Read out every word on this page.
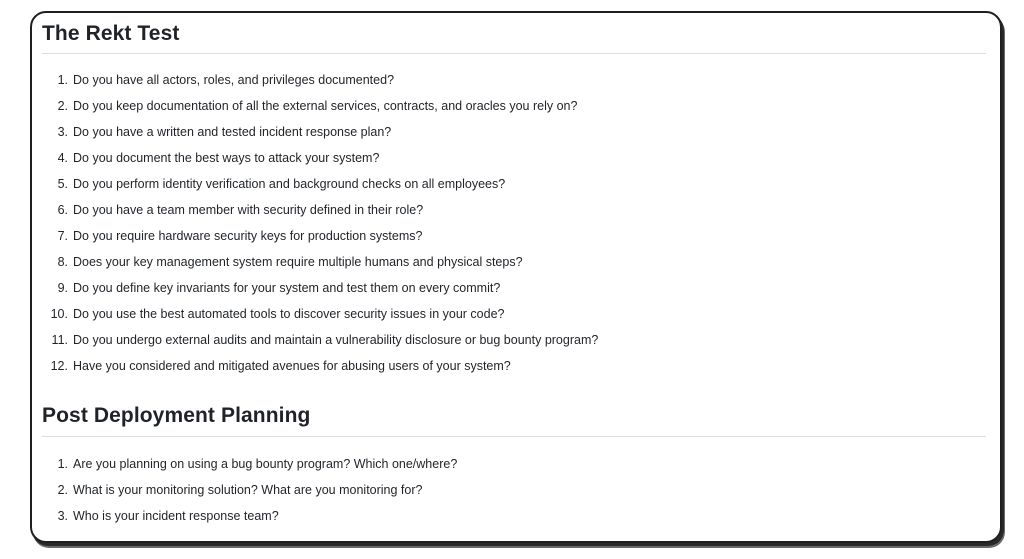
The Rekt Test
1. Do you have all actors, roles, and privileges documented?
2. Do you keep documentation of all the external services, contracts, and oracles you rely on?
3. Do you have a written and tested incident response plan?
4. Do you document the best ways to attack your system?
5. Do you perform identity verification and background checks on all employees?
6. Do you have a team member with security defined in their role?
7. Do you require hardware security keys for production systems?
8. Does your key management system require multiple humans and physical steps?
9. Do you define key invariants for your system and test them on every commit?
10. Do you use the best automated tools to discover security issues in your code?
11. Do you undergo external audits and maintain a vulnerability disclosure or bug bounty program?
12. Have you considered and mitigated avenues for abusing users of your system?
Post Deployment Planning
1. Are you planning on using a bug bounty program? Which one/where?
2. What is your monitoring solution? What are you monitoring for?
3. Who is your incident response team?
